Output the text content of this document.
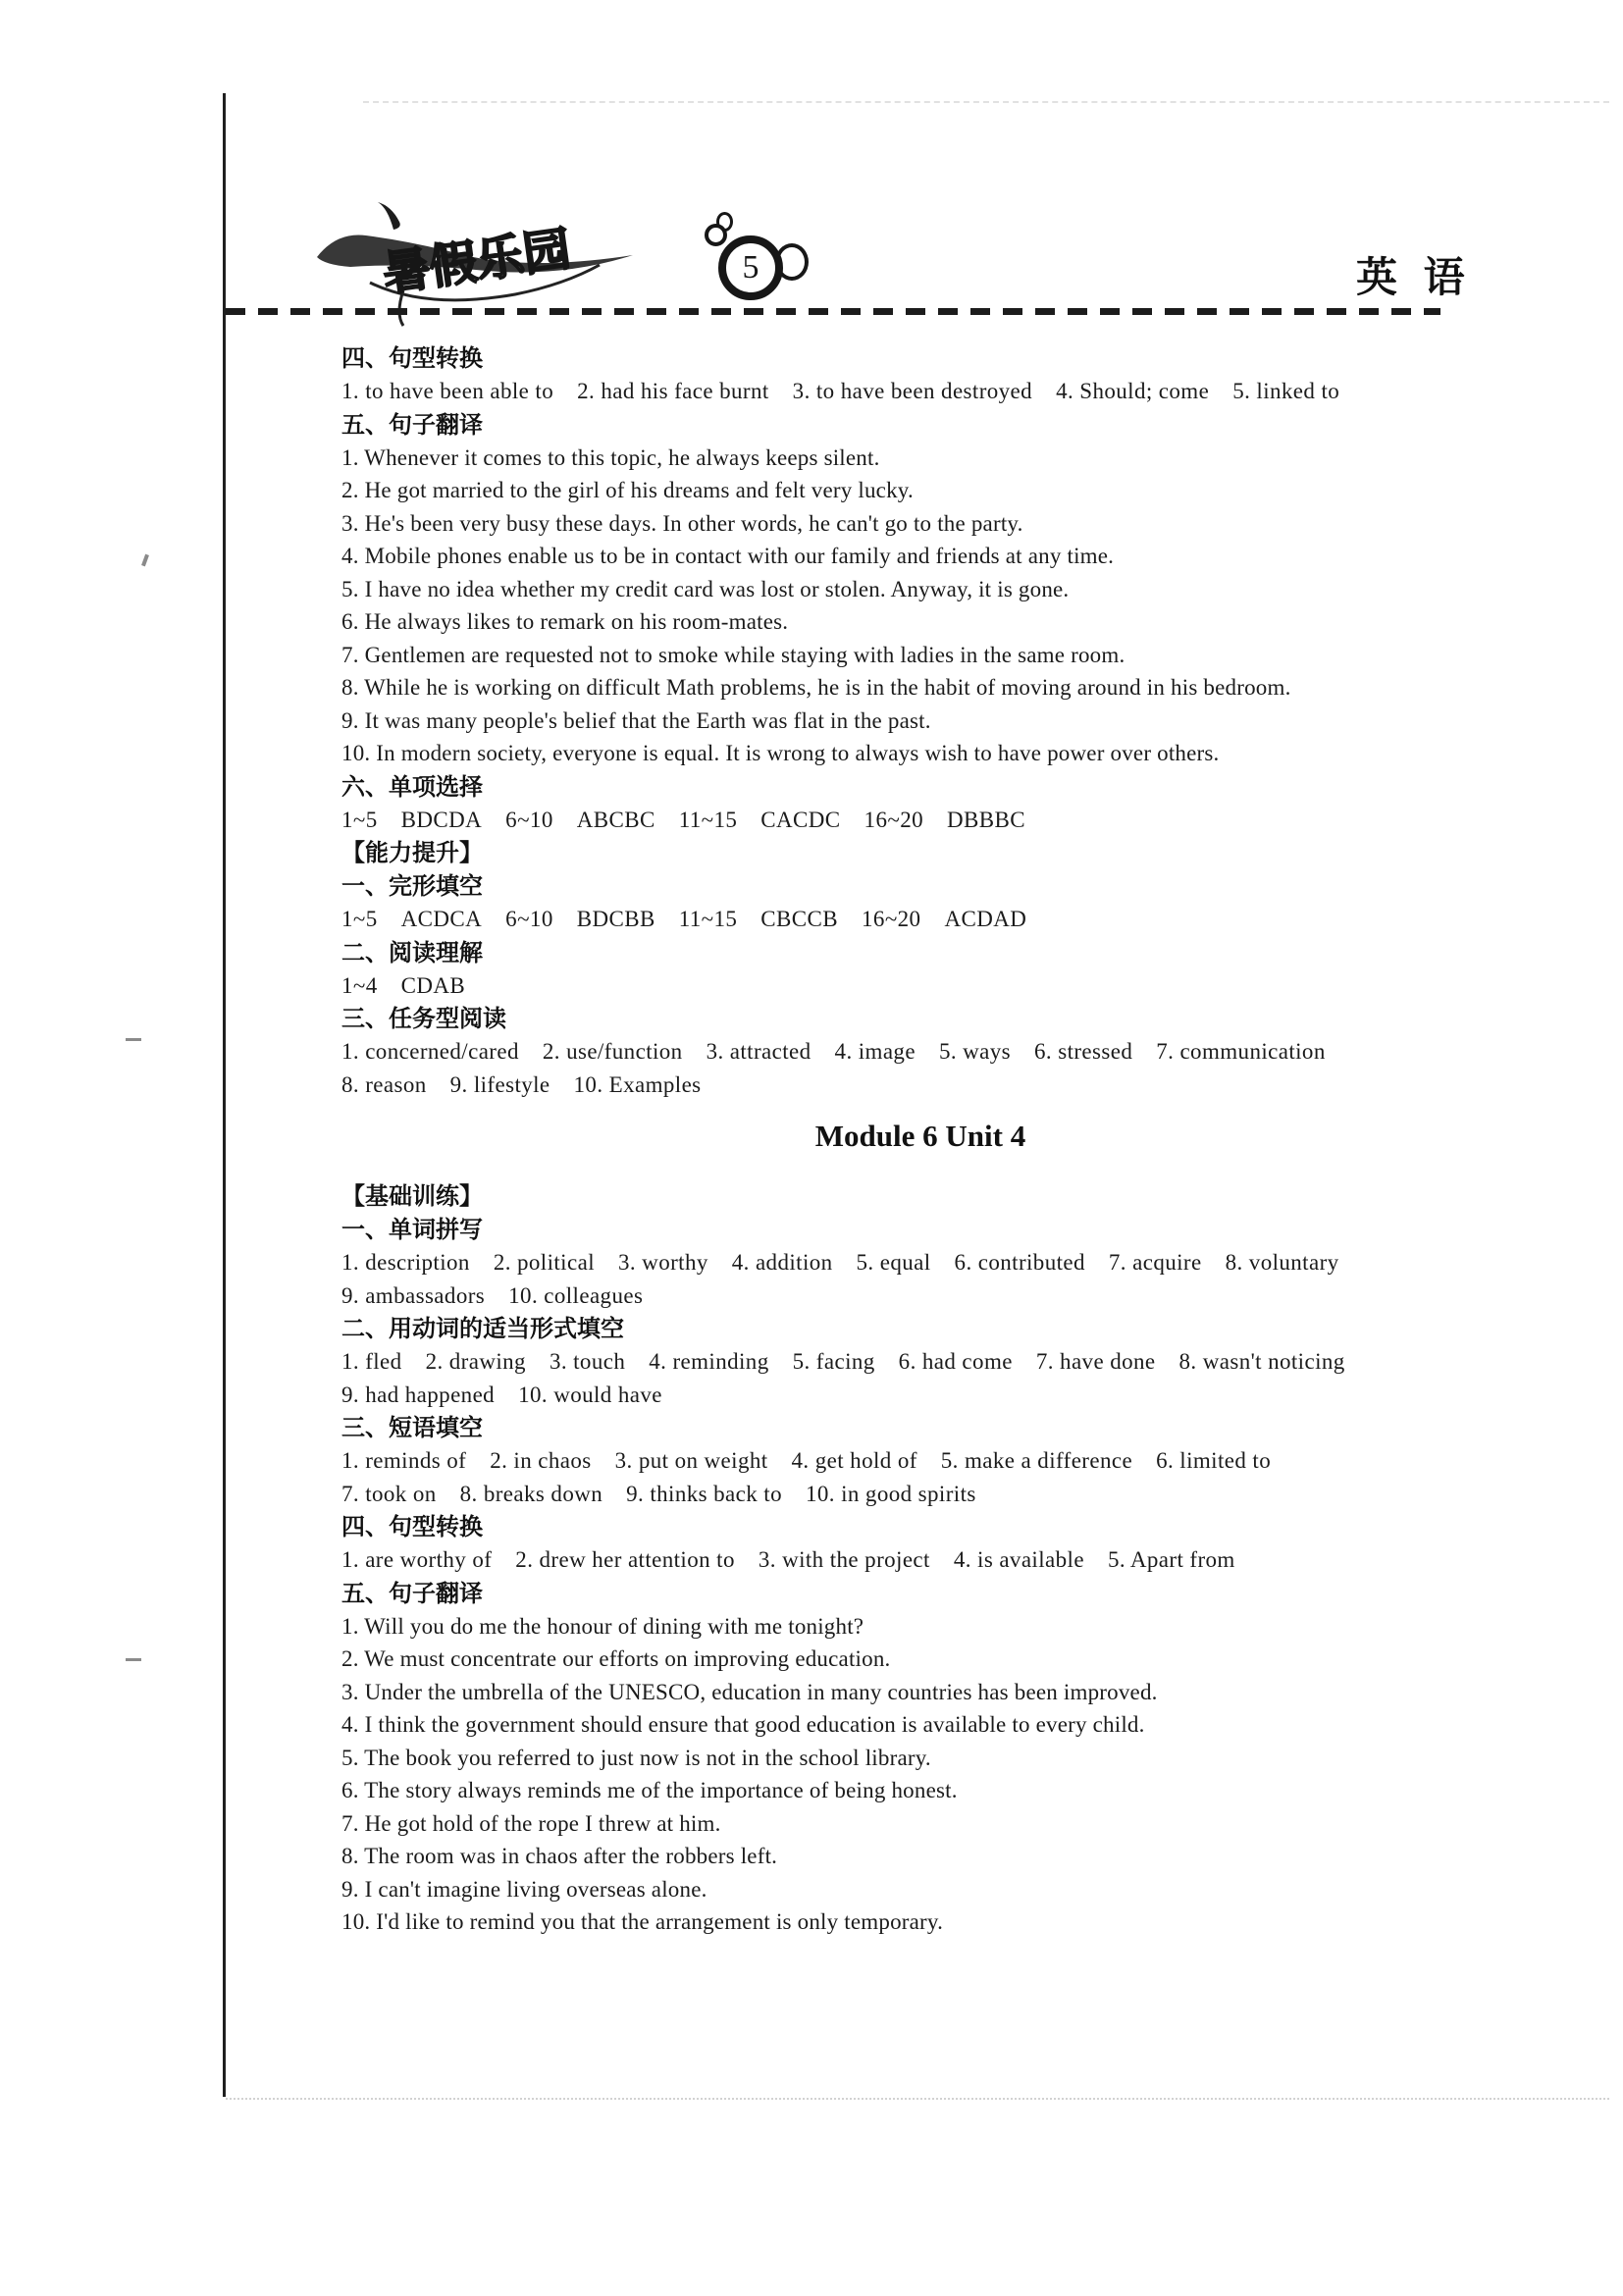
暑假乐园	5	英 语
四、句型转换
1. to have been able to 2. had his face burnt 3. to have been destroyed 4. Should; come 5. linked to
五、句子翻译
1. Whenever it comes to this topic, he always keeps silent.
2. He got married to the girl of his dreams and felt very lucky.
3. He's been very busy these days. In other words, he can't go to the party.
4. Mobile phones enable us to be in contact with our family and friends at any time.
5. I have no idea whether my credit card was lost or stolen. Anyway, it is gone.
6. He always likes to remark on his room-mates.
7. Gentlemen are requested not to smoke while staying with ladies in the same room.
8. While he is working on difficult Math problems, he is in the habit of moving around in his bedroom.
9. It was many people's belief that the Earth was flat in the past.
10. In modern society, everyone is equal. It is wrong to always wish to have power over others.
六、单项选择
1~5 BDCDA 6~10 ABCBC 11~15 CACDC 16~20 DBBBC
【能力提升】
一、完形填空
1~5 ACDCA 6~10 BDCBB 11~15 CBCCB 16~20 ACDAD
二、阅读理解
1~4 CDAB
三、任务型阅读
1. concerned/cared 2. use/function 3. attracted 4. image 5. ways 6. stressed 7. communication
8. reason 9. lifestyle 10. Examples
Module 6 Unit 4
【基础训练】
一、单词拼写
1. description 2. political 3. worthy 4. addition 5. equal 6. contributed 7. acquire 8. voluntary
9. ambassadors 10. colleagues
二、用动词的适当形式填空
1. fled 2. drawing 3. touch 4. reminding 5. facing 6. had come 7. have done 8. wasn't noticing
9. had happened 10. would have
三、短语填空
1. reminds of 2. in chaos 3. put on weight 4. get hold of 5. make a difference 6. limited to
7. took on 8. breaks down 9. thinks back to 10. in good spirits
四、句型转换
1. are worthy of 2. drew her attention to 3. with the project 4. is available 5. Apart from
五、句子翻译
1. Will you do me the honour of dining with me tonight?
2. We must concentrate our efforts on improving education.
3. Under the umbrella of the UNESCO, education in many countries has been improved.
4. I think the government should ensure that good education is available to every child.
5. The book you referred to just now is not in the school library.
6. The story always reminds me of the importance of being honest.
7. He got hold of the rope I threw at him.
8. The room was in chaos after the robbers left.
9. I can't imagine living overseas alone.
10. I'd like to remind you that the arrangement is only temporary.
